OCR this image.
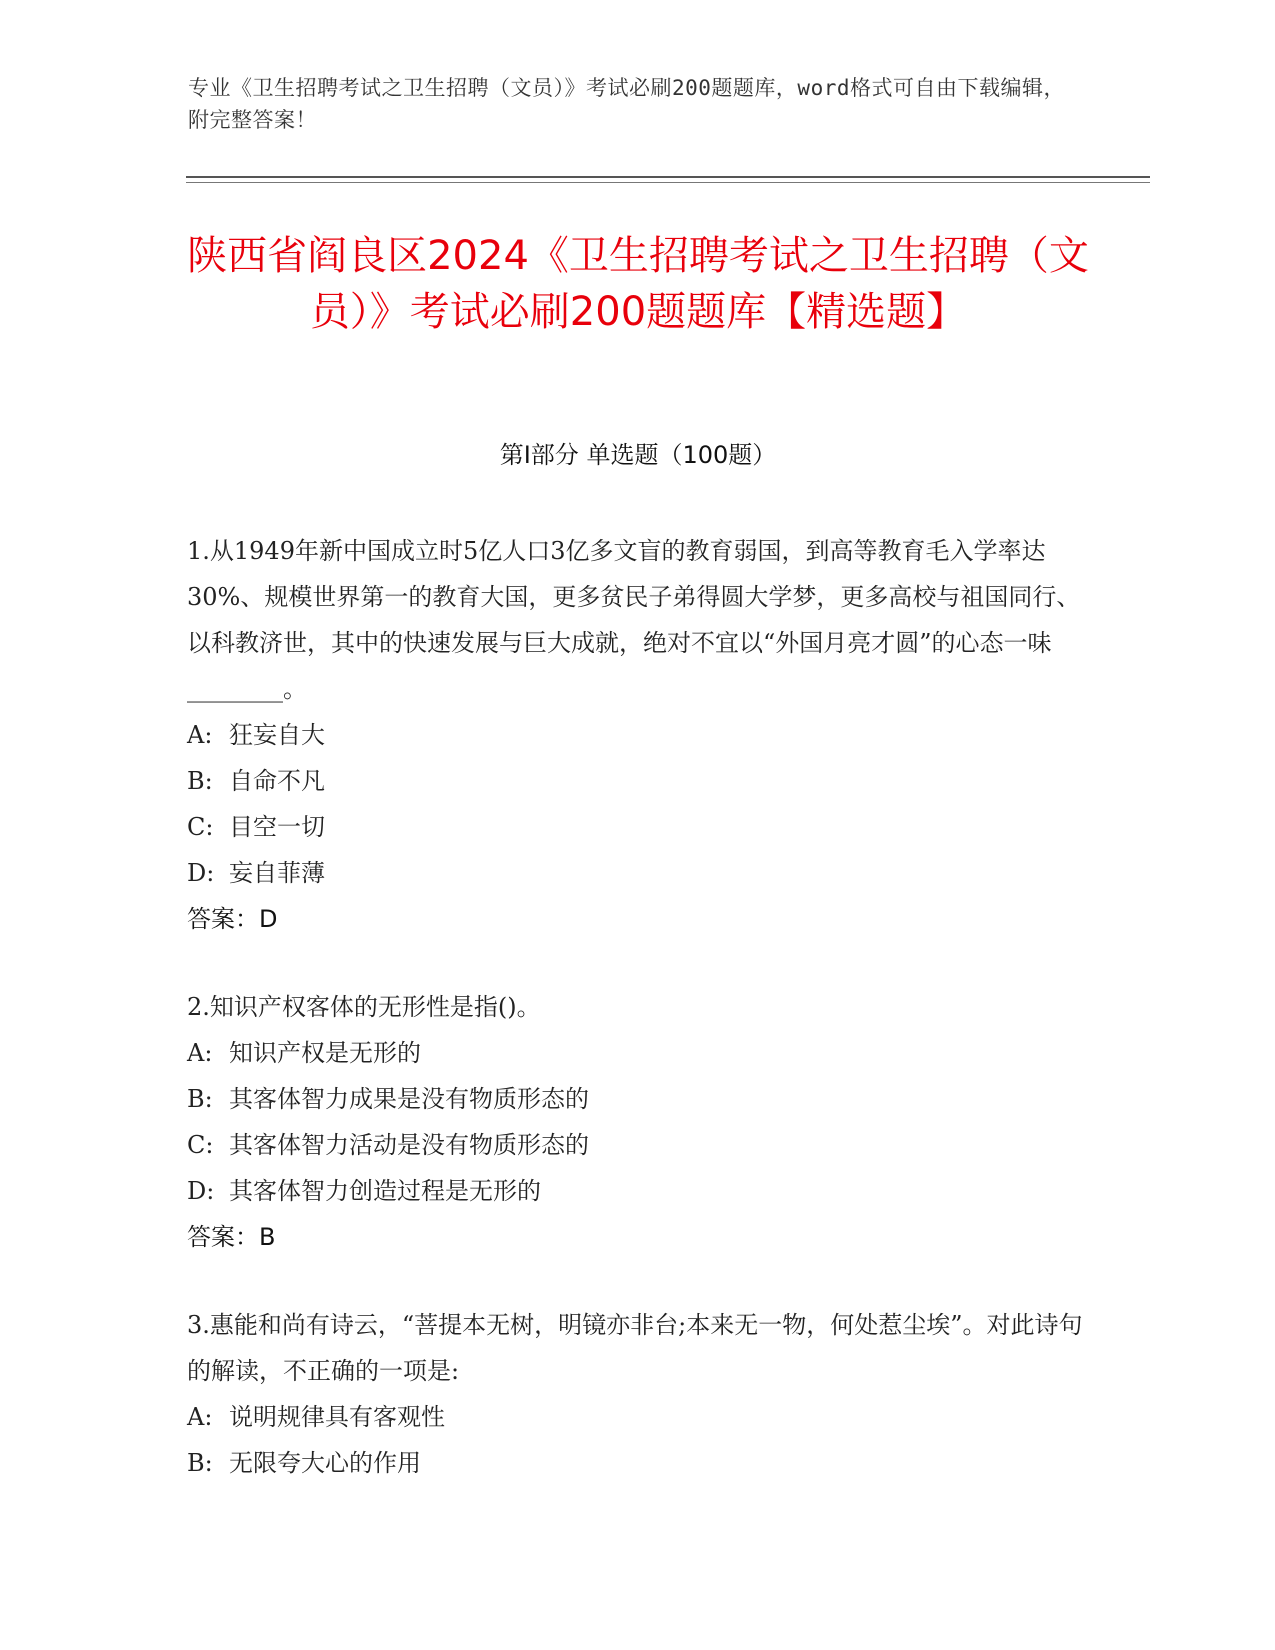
专业《卫生招聘考试之卫生招聘（文员）》考试必刷200题题库，word格式可自由下载编辑，附完整答案！
陕西省阎良区2024《卫生招聘考试之卫生招聘（文员）》考试必刷200题题库【精选题】
第Ⅰ部分 单选题（100题）
1.从1949年新中国成立时5亿人口3亿多文盲的教育弱国，到高等教育毛入学率达30%、规模世界第一的教育大国，更多贫民子弟得圆大学梦，更多高校与祖国同行、以科教济世，其中的快速发展与巨大成就，绝对不宜以“外国月亮才圆”的心态一味________。
A: 狂妄自大
B: 自命不凡
C: 目空一切
D: 妄自菲薄
答案：D
2.知识产权客体的无形性是指()。
A: 知识产权是无形的
B: 其客体智力成果是没有物质形态的
C: 其客体智力活动是没有物质形态的
D: 其客体智力创造过程是无形的
答案：B
3.惠能和尚有诗云，“菩提本无树，明镜亦非台;本来无一物，何处惹尘埃”。对此诗句的解读，不正确的一项是:
A: 说明规律具有客观性
B: 无限夸大心的作用
